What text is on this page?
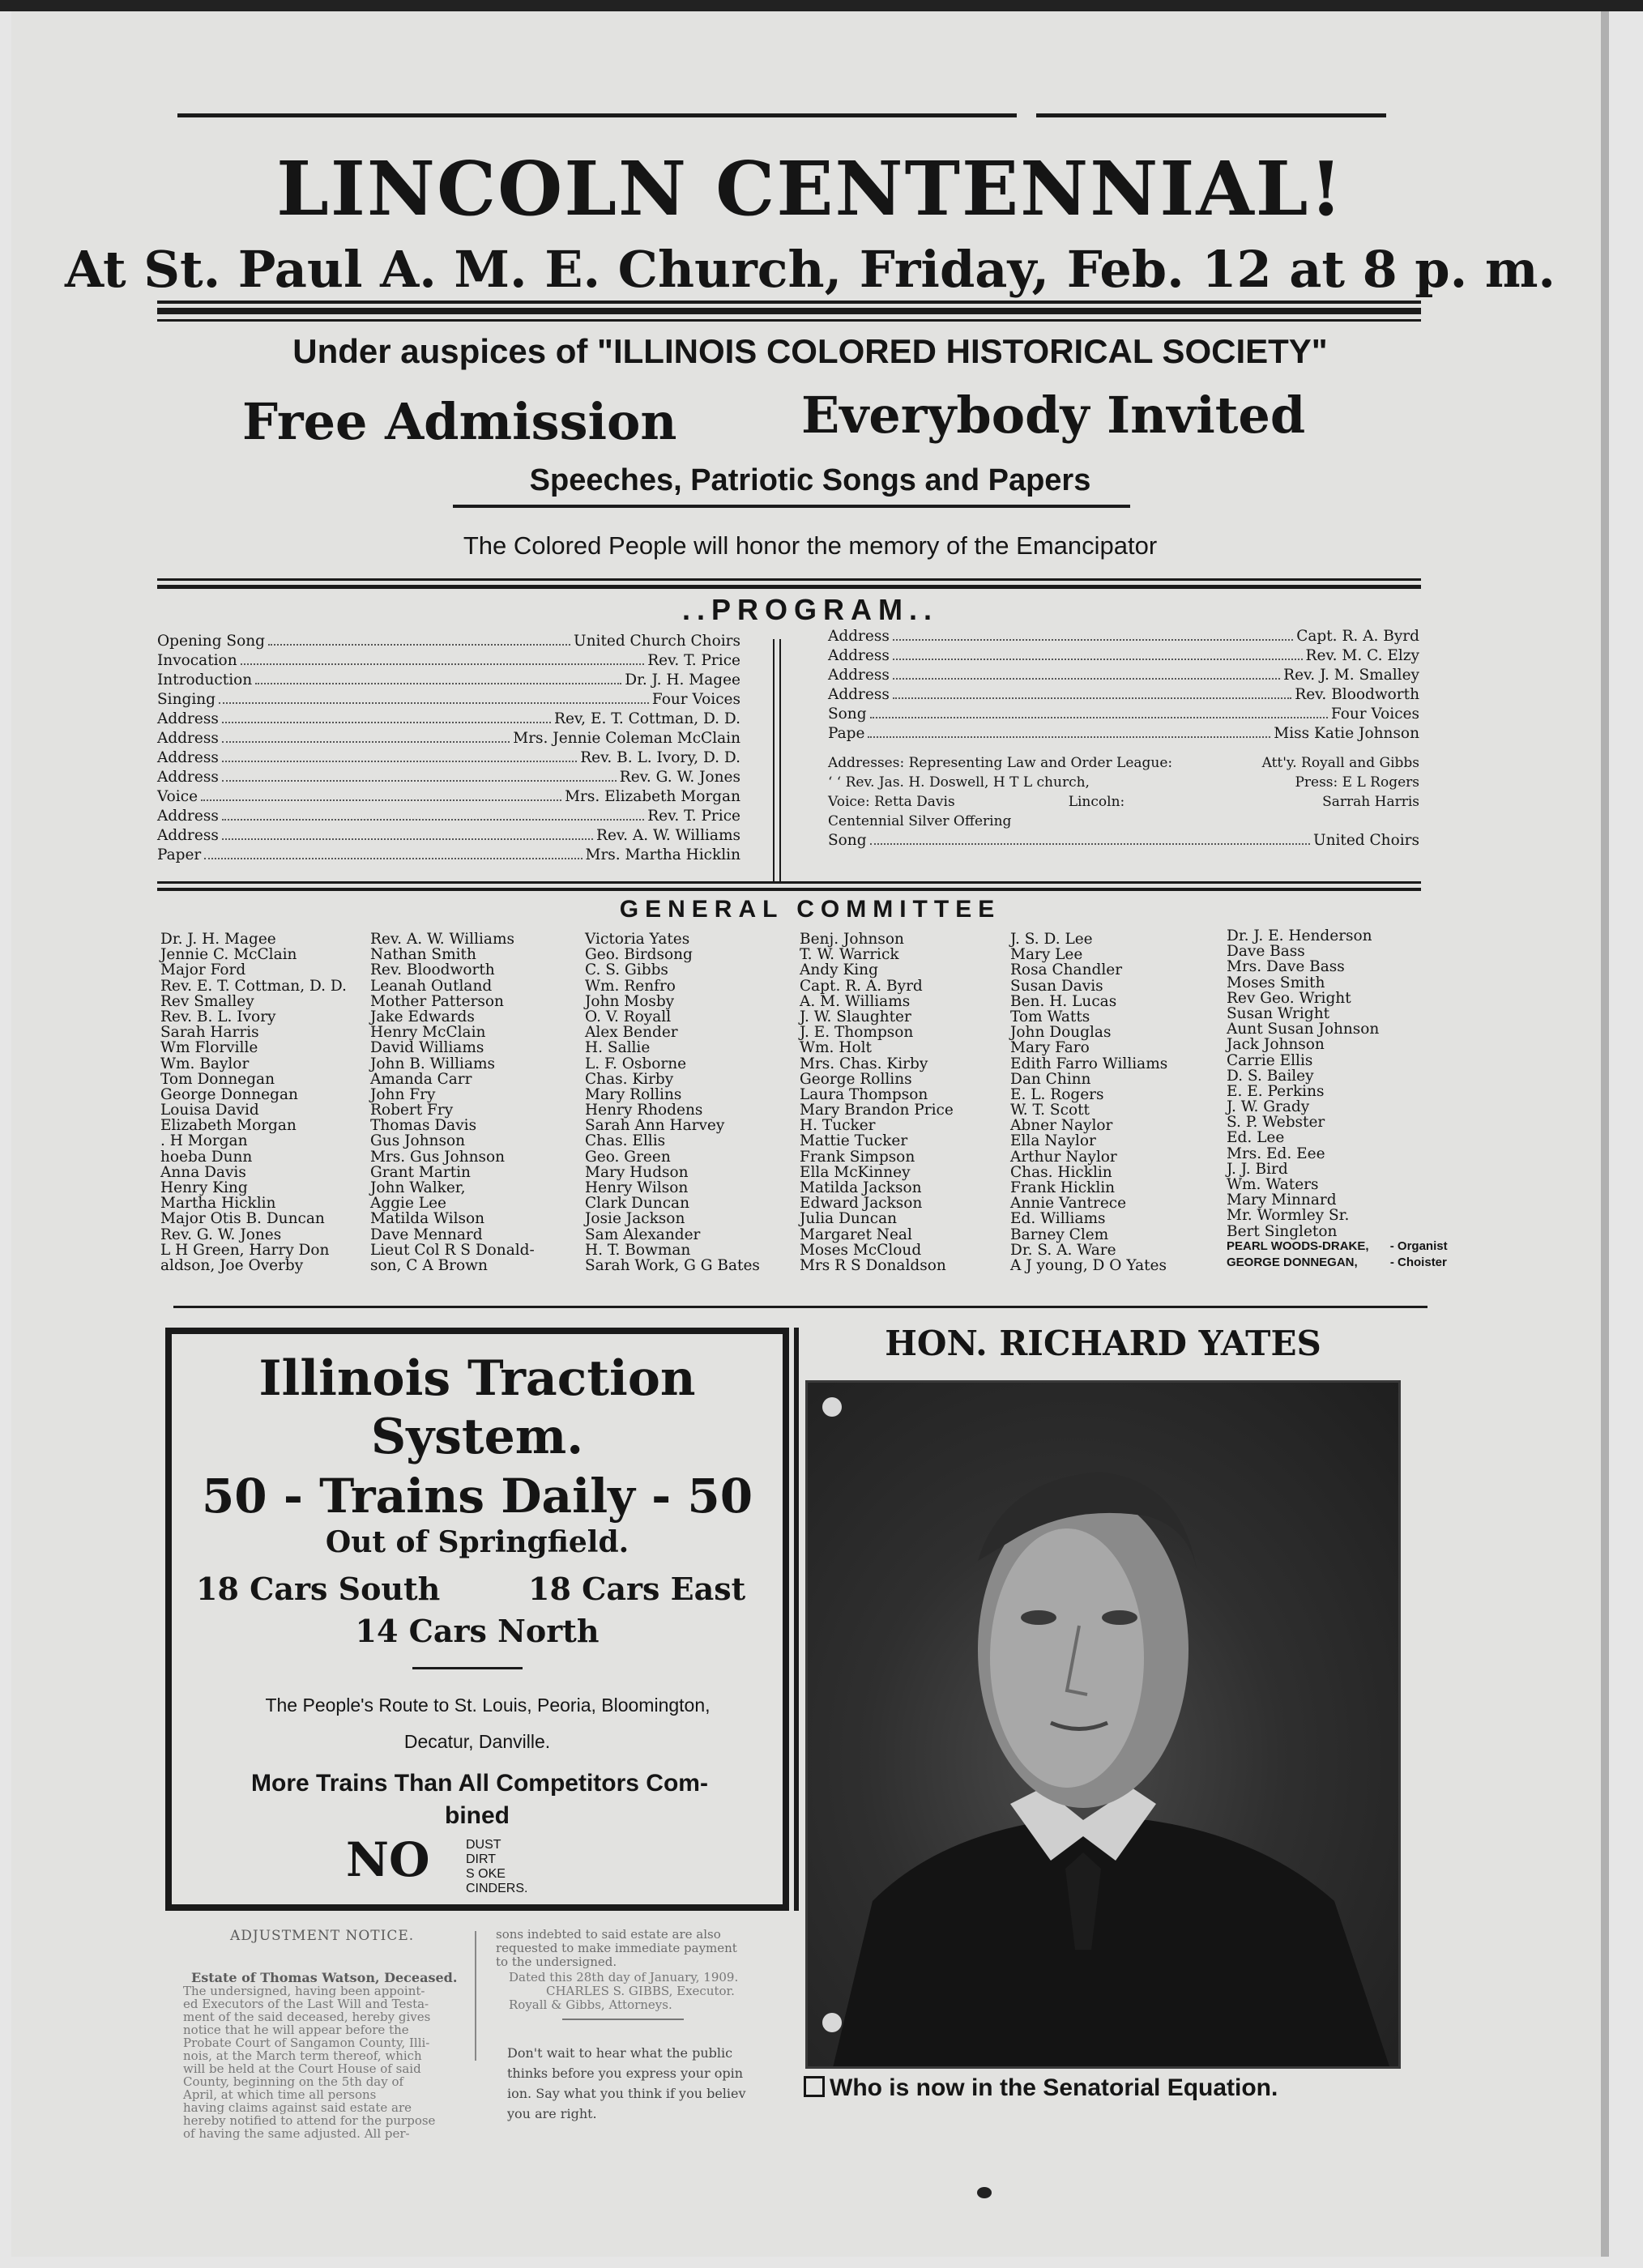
LINCOLN CENTENNIAL!
At St. Paul A. M. E. Church, Friday, Feb. 12 at 8 p. m.
Under auspices of "ILLINOIS COLORED HISTORICAL SOCIETY"
Free Admission Everybody Invited
Speeches, Patriotic Songs and Papers
The Colored People will honor the memory of the Emancipator
..PROGRAM..
Opening Song	United Church Choirs
Invocation	Rev. T. Price
Introduction	Dr. J. H. Magee
Singing	Four Voices
Address	Rev, E. T. Cottman, D. D.
Address	Mrs. Jennie Coleman McClain
Address	Rev. B. L. Ivory, D. D.
Address	Rev. G. W. Jones
Voice	Mrs. Elizabeth Morgan
Address	Rev. T. Price
Address	Rev. A. W. Williams
Paper	Mrs. Martha Hicklin
Address	Capt. R. A. Byrd
Address	Rev. M. C. Elzy
Address	Rev. J. M. Smalley
Address	Rev. Bloodworth
Song	Four Voices
Pape	Miss Katie Johnson
Addresses: Representing Law and Order League:	Att'y. Royall and Gibbs
‘ ‘ Rev. Jas. H. Doswell, H T L church,	Press: E L Rogers
Voice: Retta Davis	Lincoln:	Sarrah Harris
Centennial Silver Offering
Song	United Choirs
GENERAL COMMITTEE
Dr. J. H. Magee
Jennie C. McClain
Major Ford
Rev. E. T. Cottman, D. D.
Rev Smalley
Rev. B. L. Ivory
Sarah Harris
Wm Florville
Wm. Baylor
Tom Donnegan
George Donnegan
Louisa David
Elizabeth Morgan
. H Morgan
hoeba Dunn
Anna Davis
Henry King
Martha Hicklin
Major Otis B. Duncan
Rev. G. W. Jones
L H Green, Harry Don
aldson, Joe Overby
Rev. A. W. Williams
Nathan Smith
Rev. Bloodworth
Leanah Outland
Mother Patterson
Jake Edwards
Henry McClain
David Williams
John B. Williams
Amanda Carr
John Fry
Robert Fry
Thomas Davis
Gus Johnson
Mrs. Gus Johnson
Grant Martin
John Walker,
Aggie Lee
Matilda Wilson
Dave Mennard
Lieut Col R S Donald-
son, C A Brown
Victoria Yates
Geo. Birdsong
C. S. Gibbs
Wm. Renfro
John Mosby
O. V. Royall
Alex Bender
H. Sallie
L. F. Osborne
Chas. Kirby
Mary Rollins
Henry Rhodens
Sarah Ann Harvey
Chas. Ellis
Geo. Green
Mary Hudson
Henry Wilson
Clark Duncan
Josie Jackson
Sam Alexander
H. T. Bowman
Sarah Work, G G Bates
Benj. Johnson
T. W. Warrick
Andy King
Capt. R. A. Byrd
A. M. Williams
J. W. Slaughter
J. E. Thompson
Wm. Holt
Mrs. Chas. Kirby
George Rollins
Laura Thompson
Mary Brandon Price
H. Tucker
Mattie Tucker
Frank Simpson
Ella McKinney
Matilda Jackson
Edward Jackson
Julia Duncan
Margaret Neal
Moses McCloud
Mrs R S Donaldson
J. S. D. Lee
Mary Lee
Rosa Chandler
Susan Davis
Ben. H. Lucas
Tom Watts
John Douglas
Mary Faro
Edith Farro Williams
Dan Chinn
E. L. Rogers
W. T. Scott
Abner Naylor
Ella Naylor
Arthur Naylor
Chas. Hicklin
Frank Hicklin
Annie Vantrece
Ed. Williams
Barney Clem
Dr. S. A. Ware
A J young, D O Yates
Dr. J. E. Henderson
Dave Bass
Mrs. Dave Bass
Moses Smith
Rev Geo. Wright
Susan Wright
Aunt Susan Johnson
Jack Johnson
Carrie Ellis
D. S. Bailey
E. E. Perkins
J. W. Grady
S. P. Webster
Ed. Lee
Mrs. Ed. Eee
J. J. Bird
Wm. Waters
Mary Minnard
Mr. Wormley Sr.
Bert Singleton
PEARL WOODS-DRAKE, - Organist
GEORGE DONNEGAN,	- Choister
Illinois Traction
System.
50 - Trains Daily - 50
Out of Springfield.
18 Cars South	18 Cars East
14 Cars North
The People's Route to St. Louis, Peoria, Bloomington,
Decatur, Danville.
More Trains Than All Competitors Com-
bined
NO	DUST
DIRT
S OKE
CINDERS.
HON. RICHARD YATES
Who is now in the Senatorial Equation.
ADJUSTMENT NOTICE.
Estate of Thomas Watson, Deceased.
The undersigned, having been appoint-
ed Executors of the Last Will and Testa-
ment of the said deceased, hereby gives
notice that he will appear before the
Probate Court of Sangamon County, Illi-
nois, at the March term thereof, which
will be held at the Court House of said
County, beginning on the 5th day of
April, at which time all persons
having claims against said estate are
hereby notified to attend for the purpose
of having the same adjusted. All per-
sons indebted to said estate are also
requested to make immediate payment
to the undersigned.
Dated this 28th day of January, 1909.
CHARLES S. GIBBS, Executor.
Royall & Gibbs, Attorneys.
Don't wait to hear what the public
thinks before you express your opin
ion. Say what you think if you believ
you are right.
